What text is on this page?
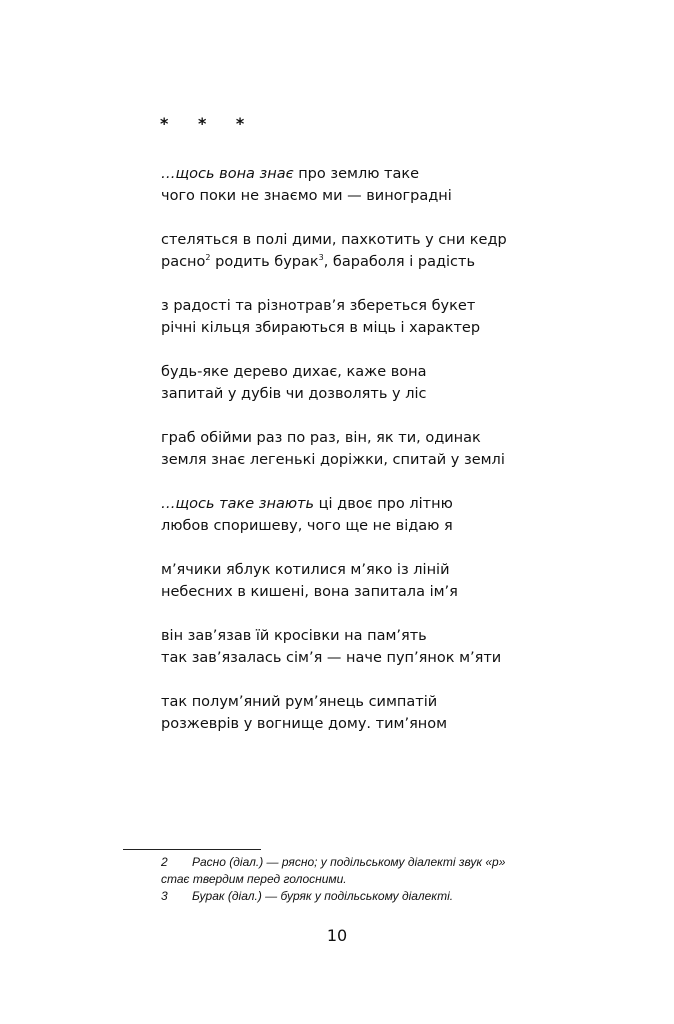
* * *
…щось вона знає про землю таке
чого поки не знаємо ми — виноградні
стеляться в полі дими, пахкотить у сни кедр
расно$^2$ родить бурак$^3$, бараболя і радість
з радості та різнотрав’я збереться букет
річні кільця збираються в міць і характер
будь-яке дерево дихає, каже вона
запитай у дубів чи дозволять у ліс
граб обійми раз по раз, він, як ти, одинак
земля знає легенькі доріжки, спитай у землі
…щось таке знають ці двоє про літню
любов споришеву, чого ще не відаю я
м’ячики яблук котилися м’яко із ліній
небесних в кишені, вона запитала ім’я
він зав’язав їй кросівки на пам’ять
так зав’язалась сім’я — наче пуп’янок м’яти
так полум’яний рум’янець симпатій
розжеврів у вогнище дому. тим’яном
2 Расно (діал.) — рясно; у подільському діалекті звук «р»
стає твердим перед голосними.
3 Бурак (діал.) — буряк у подільському діалекті.
10
